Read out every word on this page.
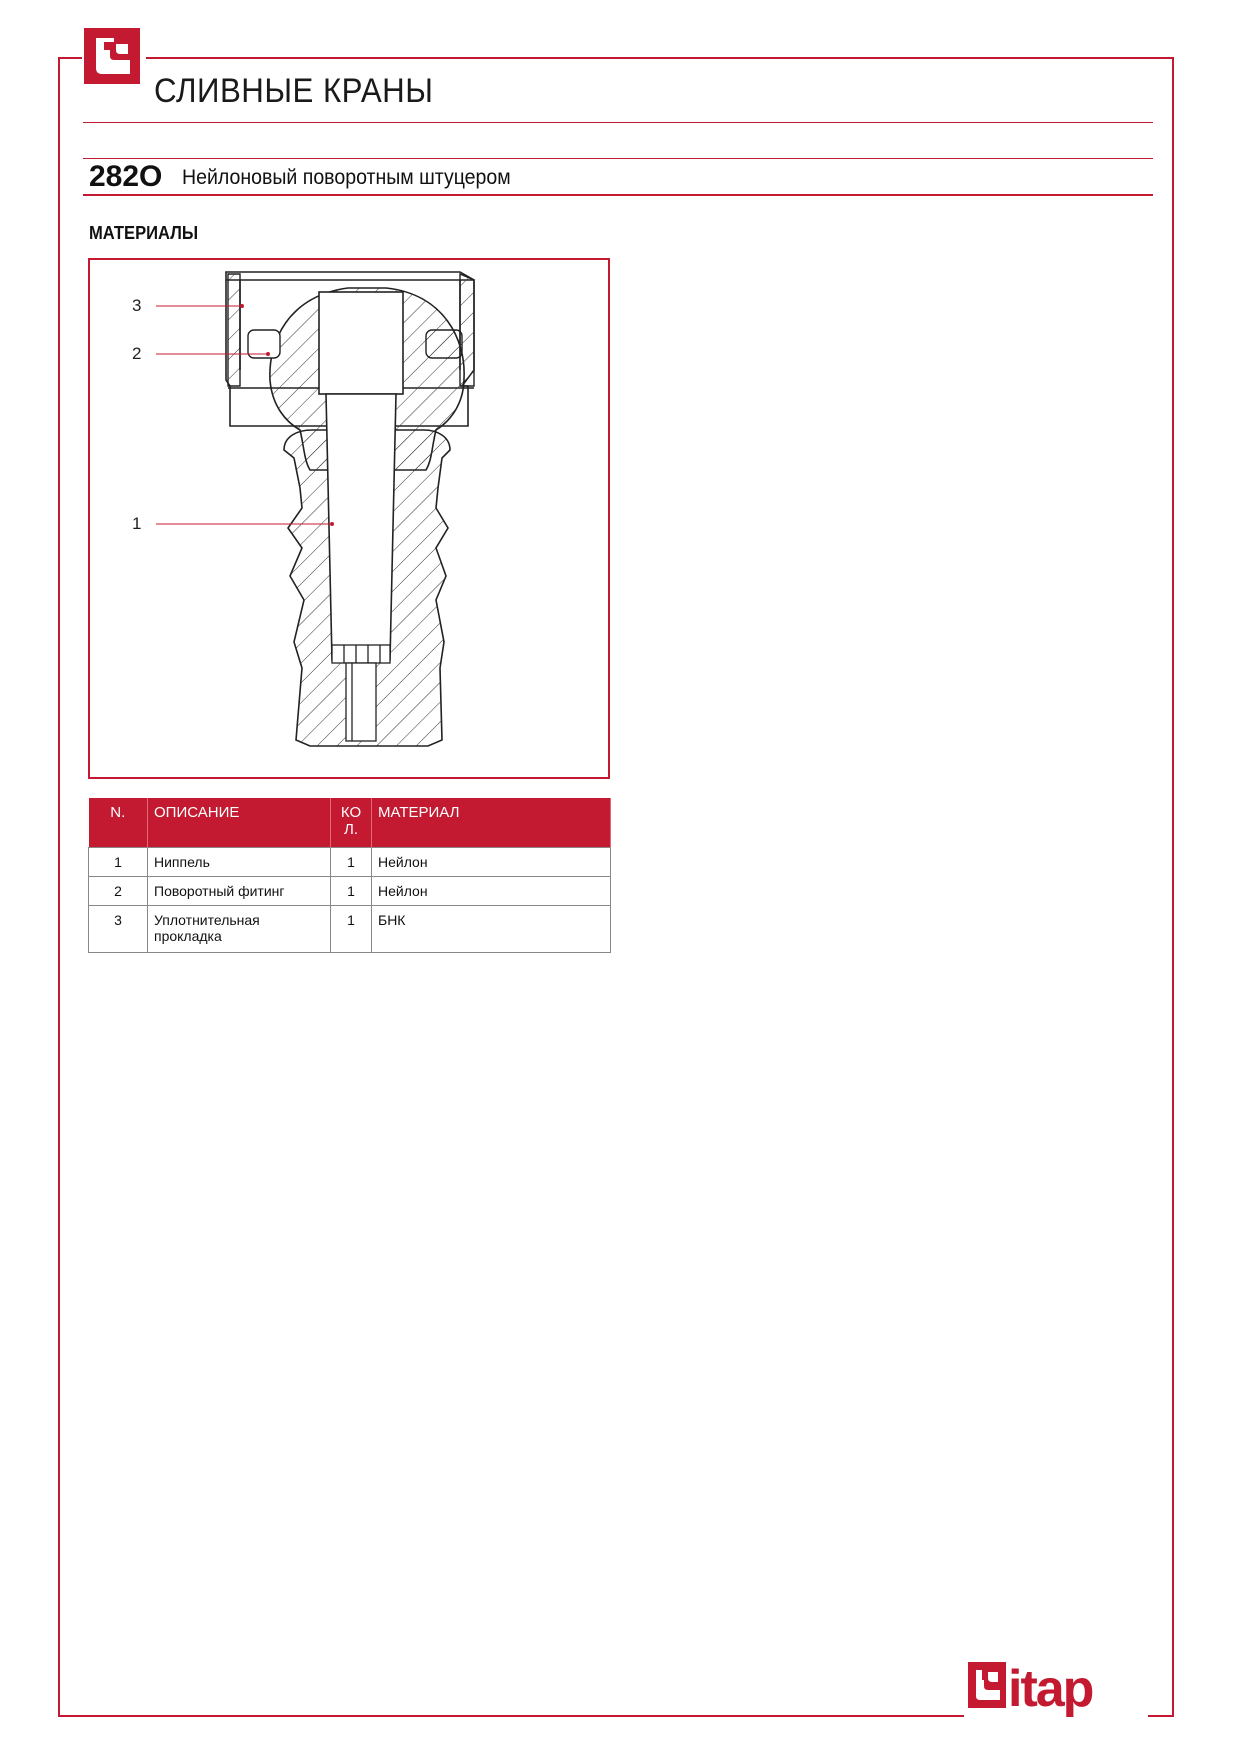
СЛИВНЫЕ КРАНЫ
282O Нейлоновый поворотным штуцером
МАТЕРИАЛЫ
3
2
1
N.	ОПИСАНИЕ	КО Л.	МАТЕРИАЛ
1	Ниппель	1	Нейлон
2	Поворотный фитинг	1	Нейлон
3	Уплотнительная прокладка	1	БНК
itap
